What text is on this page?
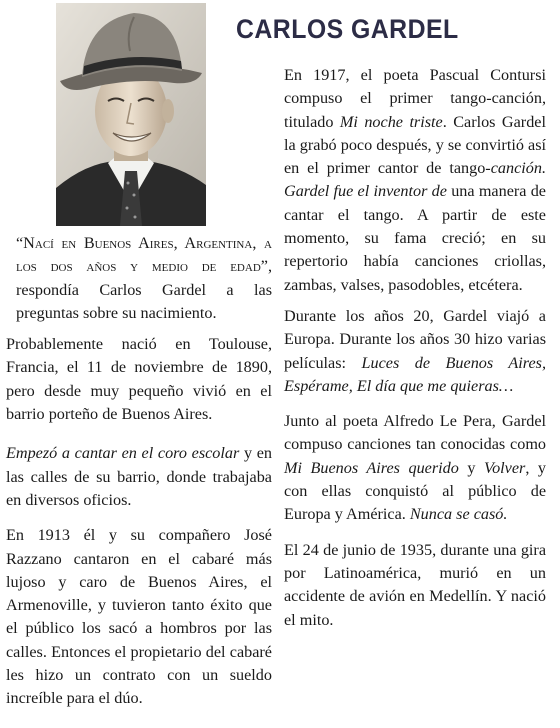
CARLOS GARDEL

“Nací en Buenos Aires, Argentina, a los dos años y medio de edad”, respondía Carlos Gardel a las preguntas sobre su nacimiento.

Probablemente nació en Toulouse, Francia, el 11 de noviembre de 1890, pero desde muy pequeño vivió en el barrio porteño de Buenos Aires.

Empezó a cantar en el coro escolar y en las calles de su barrio, donde trabajaba en diversos oficios.

En 1913 él y su compañero José Razzano cantaron en el cabaré más lujoso y caro de Buenos Aires, el Armenoville, y tuvieron tanto éxito que el público los sacó a hombros por las calles. Entonces el propietario del cabaré les hizo un contrato con un sueldo increíble para el dúo.

En 1917, el poeta Pascual Contursi compuso el primer tango-canción, titulado Mi noche triste. Carlos Gardel la grabó poco después, y se convirtió así en el primer cantor de tango-canción. Gardel fue el inventor de una manera de cantar el tango. A partir de este momento, su fama creció; en su repertorio había canciones criollas, zambas, valses, pasodobles, etcétera.

Durante los años 20, Gardel viajó a Europa. Durante los años 30 hizo varias películas: Luces de Buenos Aires, Espérame, El día que me quieras…

Junto al poeta Alfredo Le Pera, Gardel compuso canciones tan conocidas como Mi Buenos Aires querido y Volver, y con ellas conquistó al público de Europa y América. Nunca se casó.

El 24 de junio de 1935, durante una gira por Latinoamérica, murió en un accidente de avión en Medellín. Y nació el mito.
